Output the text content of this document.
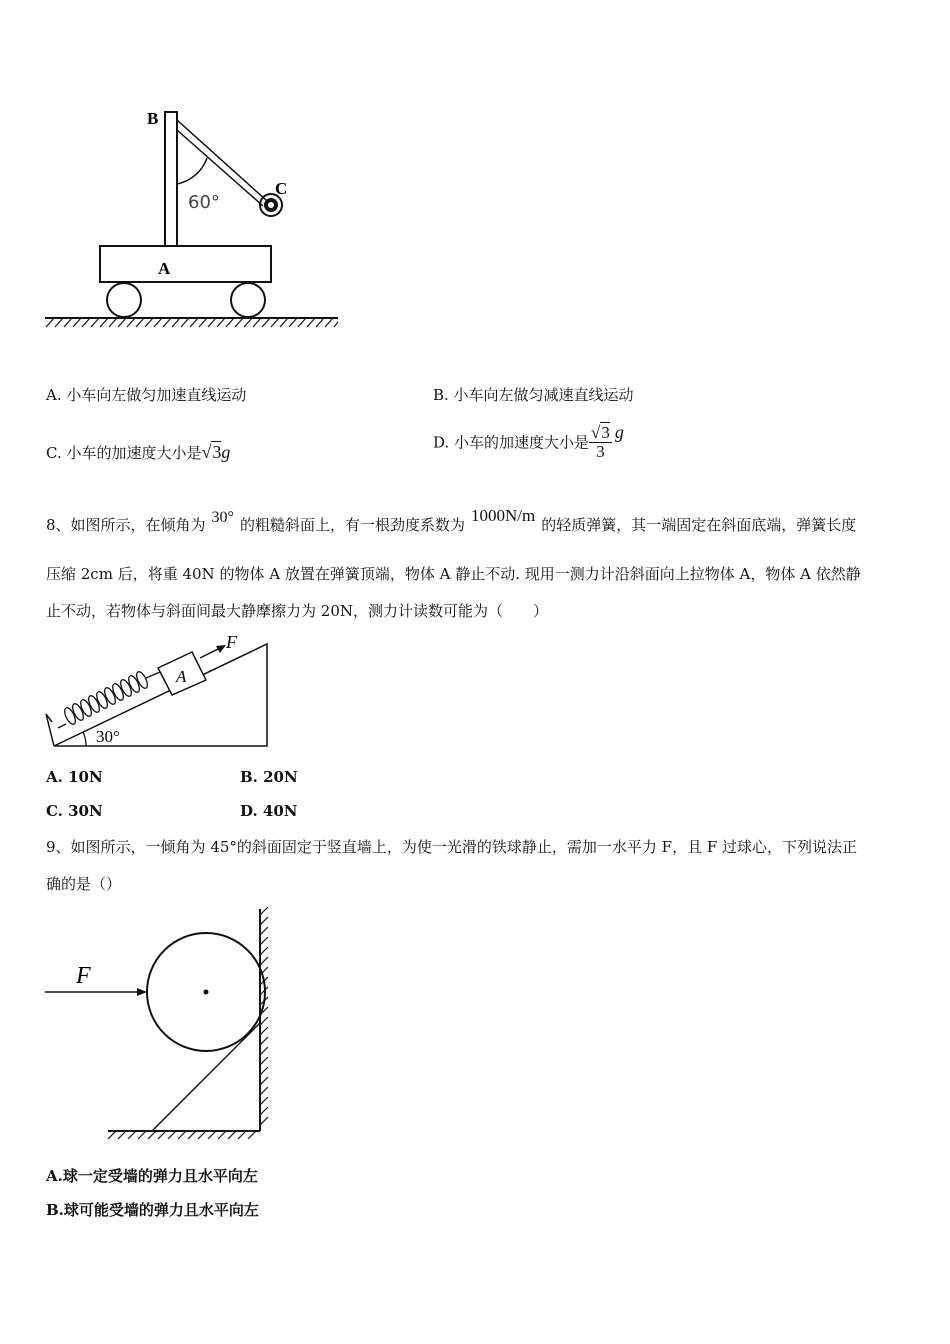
B
C
A
60°
A. 小车向左做匀加速直线运动	B. 小车向左做匀减速直线运动
C. 小车的加速度大小是√3g	D. 小车的加速度大小是 $\frac{√3}{3}$ g
8、如图所示，在倾角为 30° 的粗糙斜面上，有一根劲度系数为 1000N/m 的轻质弹簧，其一端固定在斜面底端，弹簧长度
压缩 2cm 后，将重 40N 的物体 A 放置在弹簧顶端，物体 A 静止不动. 现用一测力计沿斜面向上拉物体 A，物体 A 依然静
止不动，若物体与斜面间最大静摩擦力为 20N，测力计读数可能为（　　）
F
A
30°
A. 10N	B. 20N
C. 30N	D. 40N
9、如图所示，一倾角为 45°的斜面固定于竖直墙上，为使一光滑的铁球静止，需加一水平力 F，且 F 过球心，下列说法正
确的是（）
F
A.球一定受墙的弹力且水平向左
B.球可能受墙的弹力且水平向左
